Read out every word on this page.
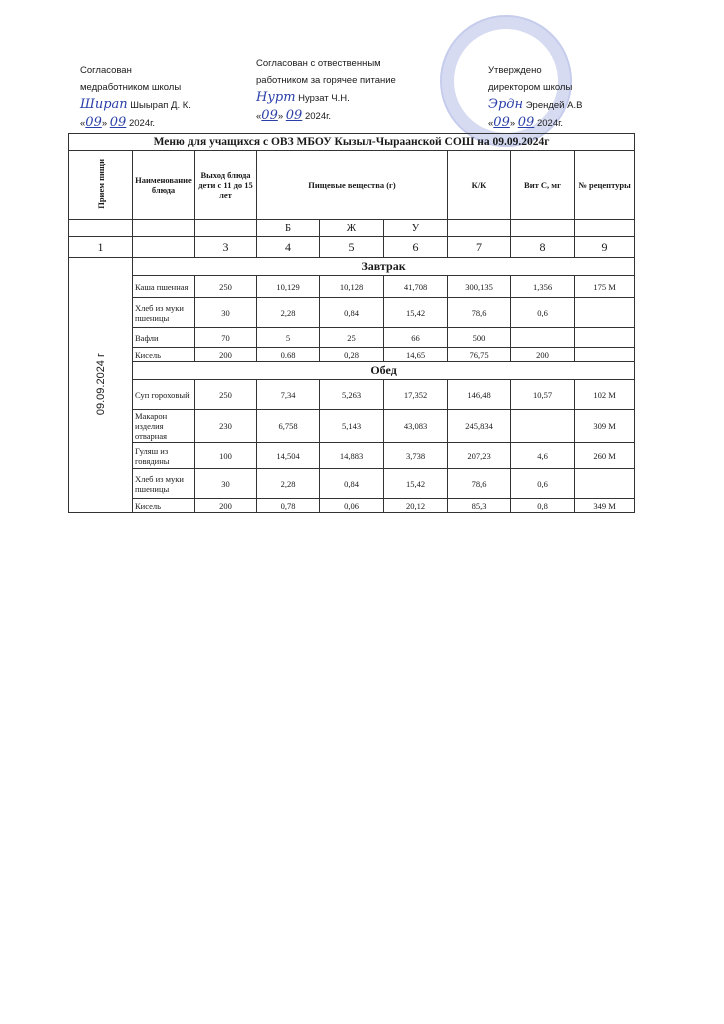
Согласован
медработником школы
Ширап Шыырап Д. К.
«09» 09 2024г.
Согласован с отвественным
работником за горячее питание
Нурт Нурзат Ч.Н.
«09» 09 2024г.
Утверждено
директором школы
Эрдн Эрендей А.В
«09» 09 2024г.
Меню для учащихся с ОВЗ МБОУ Кызыл-Чыраанской СОШ на 09.09.2024г								
Прием пищи	Наименование блюда	Выход блюда дети с 11 до 15 лет	Пищевые вещества (г)			К/К	Вит С, мг	№ рецептуры
			Б	Ж	У			
1		3	4	5	6	7	8	9
09.09.2024 г	Завтрак							
	Каша пшенная	250	10,129	10,128	41,708	300,135	1,356	175 М
	Хлеб из муки пшеницы	30	2,28	0,84	15,42	78,6	0,6	
	Вафли	70	5	25	66	500		
	Кисель	200	0.68	0,28	14,65	76,75	200	
	Обед							
	Суп гороховый	250	7,34	5,263	17,352	146,48	10,57	102 М
	Макарон изделия отварная	230	6,758	5,143	43,083	245,834		309 М
	Гуляш из говядины	100	14,504	14,883	3,738	207,23	4,6	260 М
	Хлеб из муки пшеницы	30	2,28	0,84	15,42	78,6	0,6	
	Кисель	200	0,78	0,06	20,12	85,3	0,8	349 М
